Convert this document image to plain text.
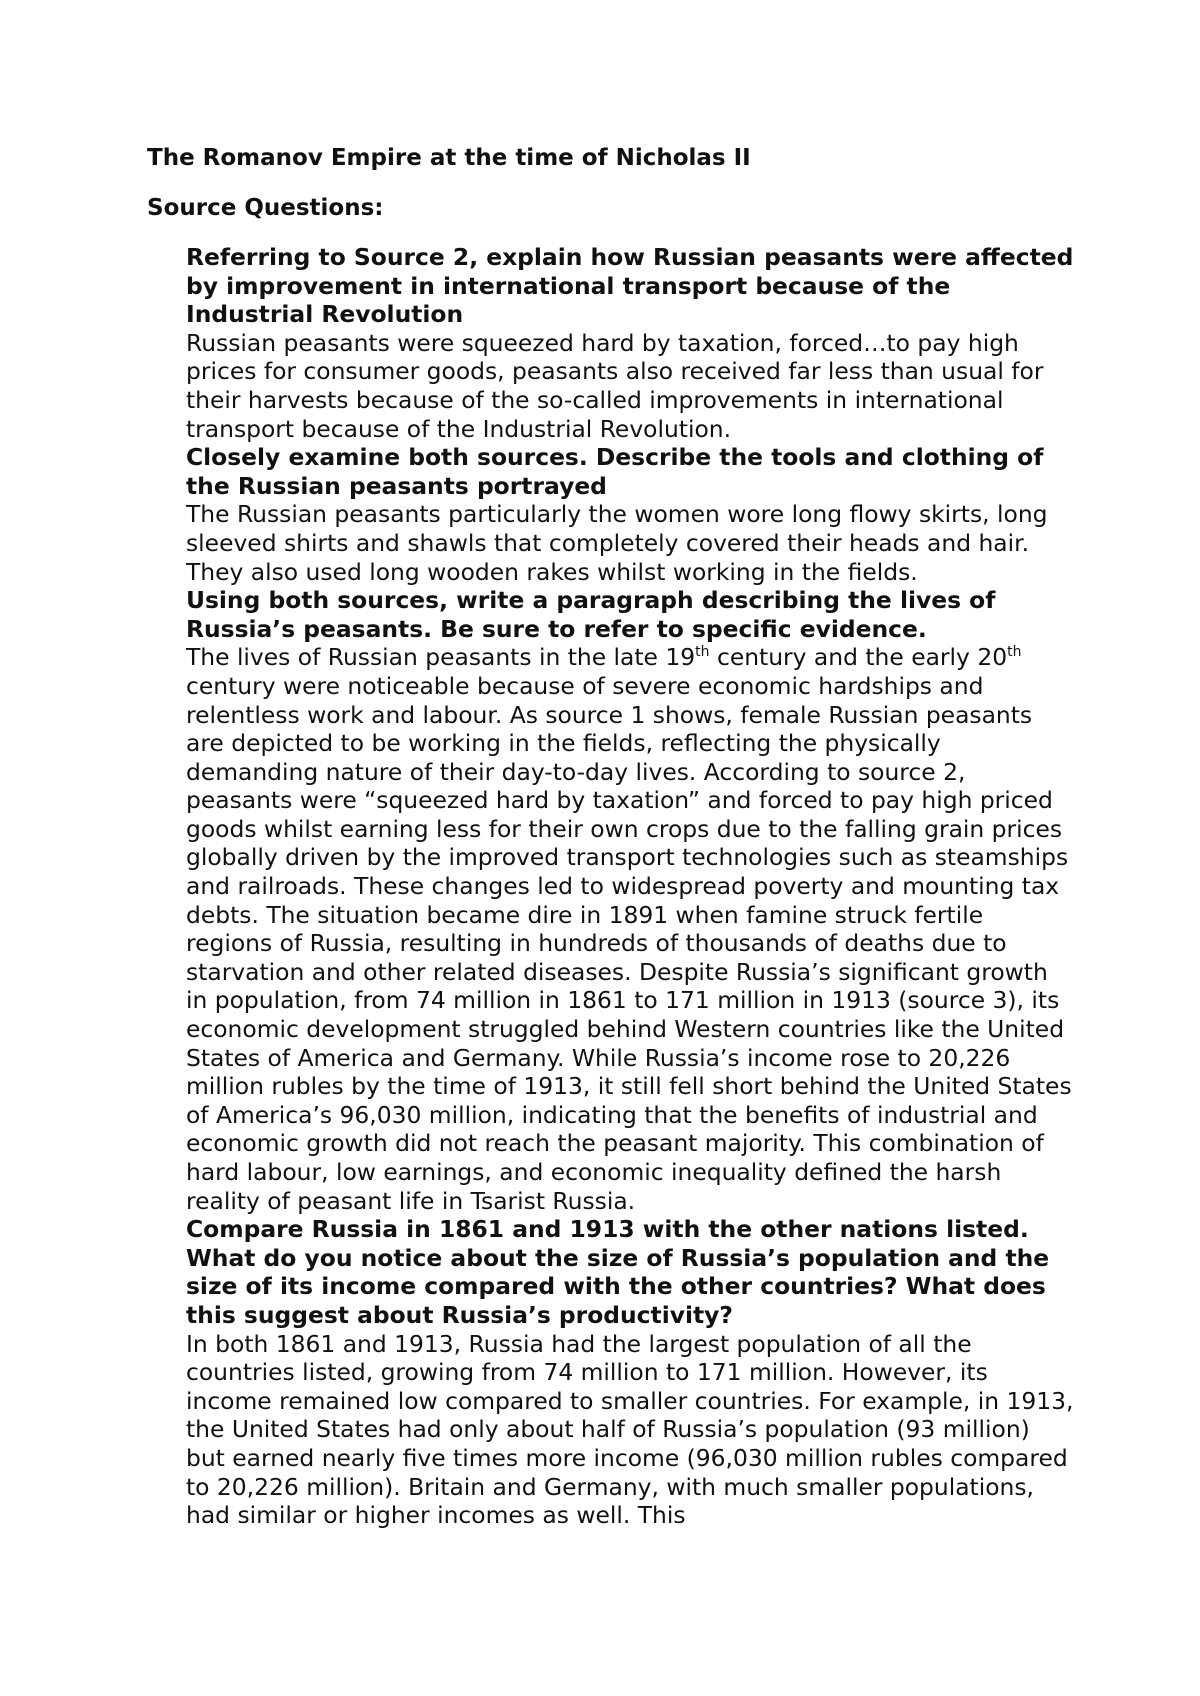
The Romanov Empire at the time of Nicholas II
Source Questions:

Referring to Source 2, explain how Russian peasants were affected by improvement in international transport because of the Industrial Revolution

Russian peasants were squeezed hard by taxation, forced…to pay high prices for consumer goods, peasants also received far less than usual for their harvests because of the so-called improvements in international transport because of the Industrial Revolution.

Closely examine both sources. Describe the tools and clothing of the Russian peasants portrayed

The Russian peasants particularly the women wore long flowy skirts, long sleeved shirts and shawls that completely covered their heads and hair. They also used long wooden rakes whilst working in the fields.

Using both sources, write a paragraph describing the lives of Russia’s peasants. Be sure to refer to specific evidence.

The lives of Russian peasants in the late 19th century and the early 20th century were noticeable because of severe economic hardships and relentless work and labour. As source 1 shows, female Russian peasants are depicted to be working in the fields, reflecting the physically demanding nature of their day-to-day lives. According to source 2, peasants were “squeezed hard by taxation” and forced to pay high priced goods whilst earning less for their own crops due to the falling grain prices globally driven by the improved transport technologies such as steamships and railroads. These changes led to widespread poverty and mounting tax debts. The situation became dire in 1891 when famine struck fertile regions of Russia, resulting in hundreds of thousands of deaths due to starvation and other related diseases. Despite Russia’s significant growth in population, from 74 million in 1861 to 171 million in 1913 (source 3), its economic development struggled behind Western countries like the United States of America and Germany. While Russia’s income rose to 20,226 million rubles by the time of 1913, it still fell short behind the United States of America’s 96,030 million, indicating that the benefits of industrial and economic growth did not reach the peasant majority. This combination of hard labour, low earnings, and economic inequality defined the harsh reality of peasant life in Tsarist Russia.

Compare Russia in 1861 and 1913 with the other nations listed. What do you notice about the size of Russia’s population and the size of its income compared with the other countries? What does this suggest about Russia’s productivity?

In both 1861 and 1913, Russia had the largest population of all the countries listed, growing from 74 million to 171 million. However, its income remained low compared to smaller countries. For example, in 1913, the United States had only about half of Russia’s population (93 million) but earned nearly five times more income (96,030 million rubles compared to 20,226 million). Britain and Germany, with much smaller populations, had similar or higher incomes as well. This
